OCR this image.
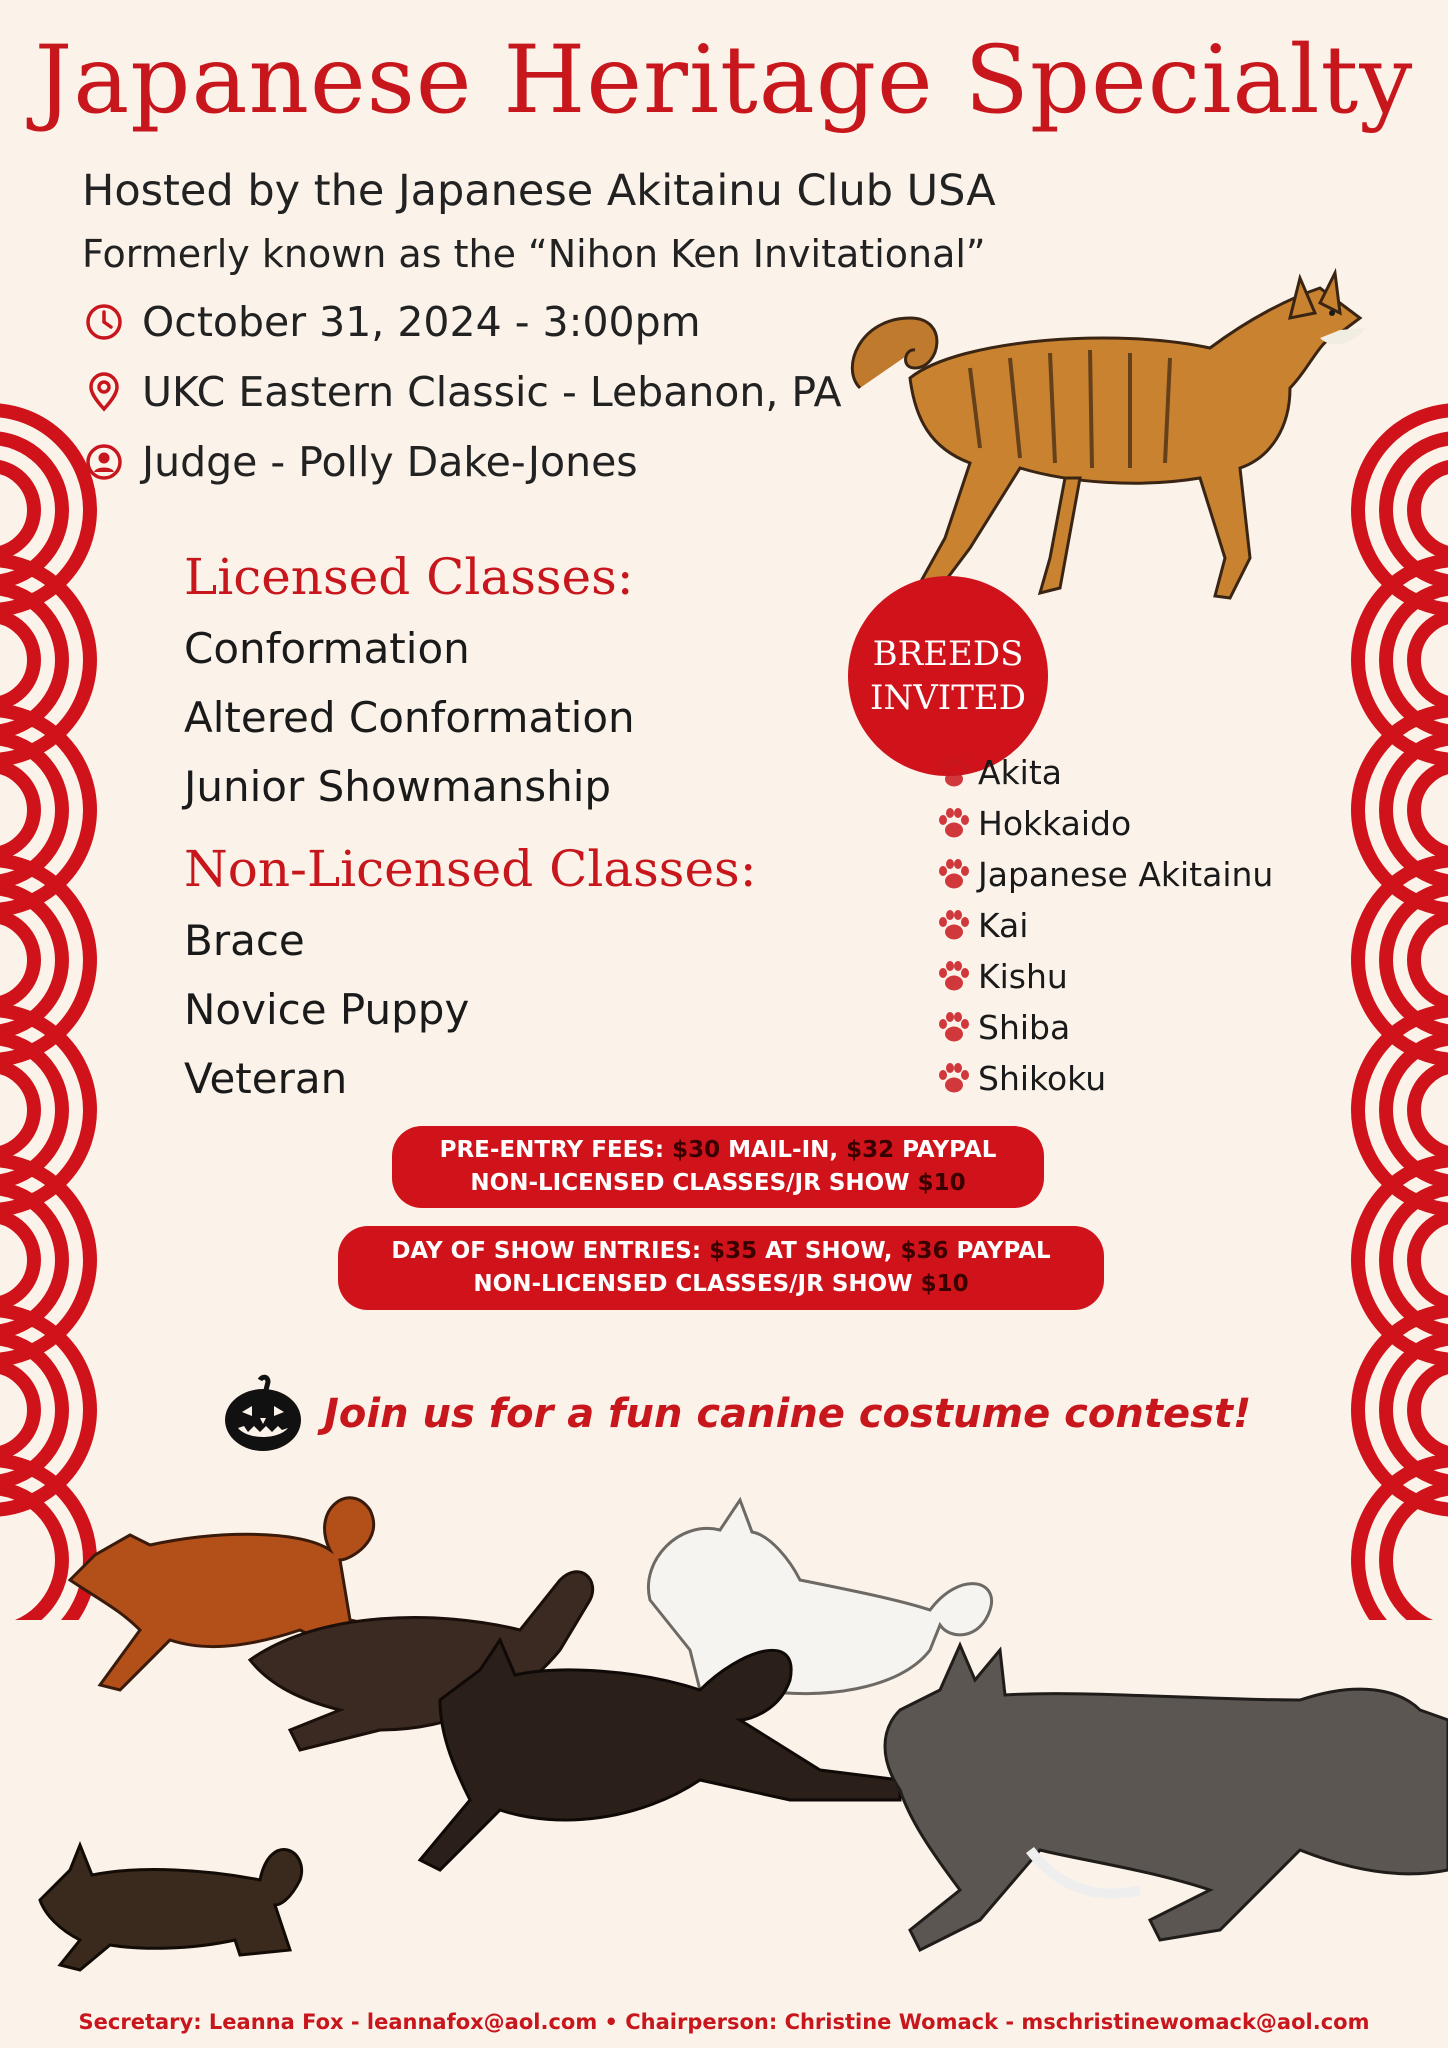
Japanese Heritage Specialty
Hosted by the Japanese Akitainu Club USA
Formerly known as the “Nihon Ken Invitational”
October 31, 2024 - 3:00pm
UKC Eastern Classic - Lebanon, PA
Judge - Polly Dake-Jones
Licensed Classes:
Conformation
Altered Conformation
Junior Showmanship
Non-Licensed Classes:
Brace
Novice Puppy
Veteran
BREEDS
INVITED
Akita
Hokkaido
Japanese Akitainu
Kai
Kishu
Shiba
Shikoku
PRE-ENTRY FEES: $30 MAIL-IN, $32 PAYPAL
NON-LICENSED CLASSES/JR SHOW $10
DAY OF SHOW ENTRIES: $35 AT SHOW, $36 PAYPAL
NON-LICENSED CLASSES/JR SHOW $10
Join us for a fun canine costume contest!
Secretary: Leanna Fox - leannafox@aol.com • Chairperson: Christine Womack - mschristinewomack@aol.com
